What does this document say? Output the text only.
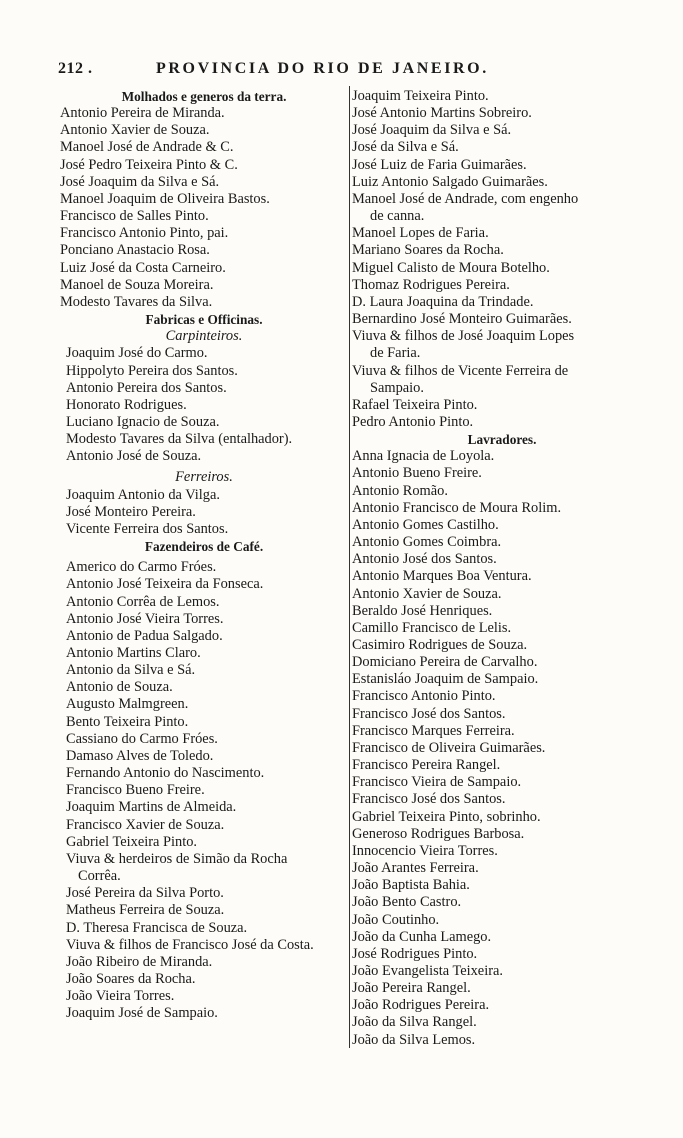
212 .	PROVINCIA DO RIO DE JANEIRO.
Molhados e generos da terra.
Antonio Pereira de Miranda.
Antonio Xavier de Souza.
Manoel José de Andrade & C.
José Pedro Teixeira Pinto & C.
José Joaquim da Silva e Sá.
Manoel Joaquim de Oliveira Bastos.
Francisco de Salles Pinto.
Francisco Antonio Pinto, pai.
Ponciano Anastacio Rosa.
Luiz José da Costa Carneiro.
Manoel de Souza Moreira.
Modesto Tavares da Silva.
Fabricas e Officinas.
Carpinteiros.
Joaquim José do Carmo.
Hippolyto Pereira dos Santos.
Antonio Pereira dos Santos.
Honorato Rodrigues.
Luciano Ignacio de Souza.
Modesto Tavares da Silva (entalhador).
Antonio José de Souza.
Ferreiros.
Joaquim Antonio da Vilga.
José Monteiro Pereira.
Vicente Ferreira dos Santos.
Fazendeiros de Café.
Americo do Carmo Fróes.
Antonio José Teixeira da Fonseca.
Antonio Corrêa de Lemos.
Antonio José Vieira Torres.
Antonio de Padua Salgado.
Antonio Martins Claro.
Antonio da Silva e Sá.
Antonio de Souza.
Augusto Malmgreen.
Bento Teixeira Pinto.
Cassiano do Carmo Fróes.
Damaso Alves de Toledo.
Fernando Antonio do Nascimento.
Francisco Bueno Freire.
Joaquim Martins de Almeida.
Francisco Xavier de Souza.
Gabriel Teixeira Pinto.
Viuva & herdeiros de Simão da Rocha
Corrêa.
José Pereira da Silva Porto.
Matheus Ferreira de Souza.
D. Theresa Francisca de Souza.
Viuva & filhos de Francisco José da Costa.
João Ribeiro de Miranda.
João Soares da Rocha.
João Vieira Torres.
Joaquim José de Sampaio.
Joaquim Teixeira Pinto.
José Antonio Martins Sobreiro.
José Joaquim da Silva e Sá.
José da Silva e Sá.
José Luiz de Faria Guimarães.
Luiz Antonio Salgado Guimarães.
Manoel José de Andrade, com engenho
de canna.
Manoel Lopes de Faria.
Mariano Soares da Rocha.
Miguel Calisto de Moura Botelho.
Thomaz Rodrigues Pereira.
D. Laura Joaquina da Trindade.
Bernardino José Monteiro Guimarães.
Viuva & filhos de José Joaquim Lopes
de Faria.
Viuva & filhos de Vicente Ferreira de
Sampaio.
Rafael Teixeira Pinto.
Pedro Antonio Pinto.
Lavradores.
Anna Ignacia de Loyola.
Antonio Bueno Freire.
Antonio Romão.
Antonio Francisco de Moura Rolim.
Antonio Gomes Castilho.
Antonio Gomes Coimbra.
Antonio José dos Santos.
Antonio Marques Boa Ventura.
Antonio Xavier de Souza.
Beraldo José Henriques.
Camillo Francisco de Lelis.
Casimiro Rodrigues de Souza.
Domiciano Pereira de Carvalho.
Estanisláo Joaquim de Sampaio.
Francisco Antonio Pinto.
Francisco José dos Santos.
Francisco Marques Ferreira.
Francisco de Oliveira Guimarães.
Francisco Pereira Rangel.
Francisco Vieira de Sampaio.
Francisco José dos Santos.
Gabriel Teixeira Pinto, sobrinho.
Generoso Rodrigues Barbosa.
Innocencio Vieira Torres.
João Arantes Ferreira.
João Baptista Bahia.
João Bento Castro.
João Coutinho.
João da Cunha Lamego.
José Rodrigues Pinto.
João Evangelista Teixeira.
João Pereira Rangel.
João Rodrigues Pereira.
João da Silva Rangel.
João da Silva Lemos.
